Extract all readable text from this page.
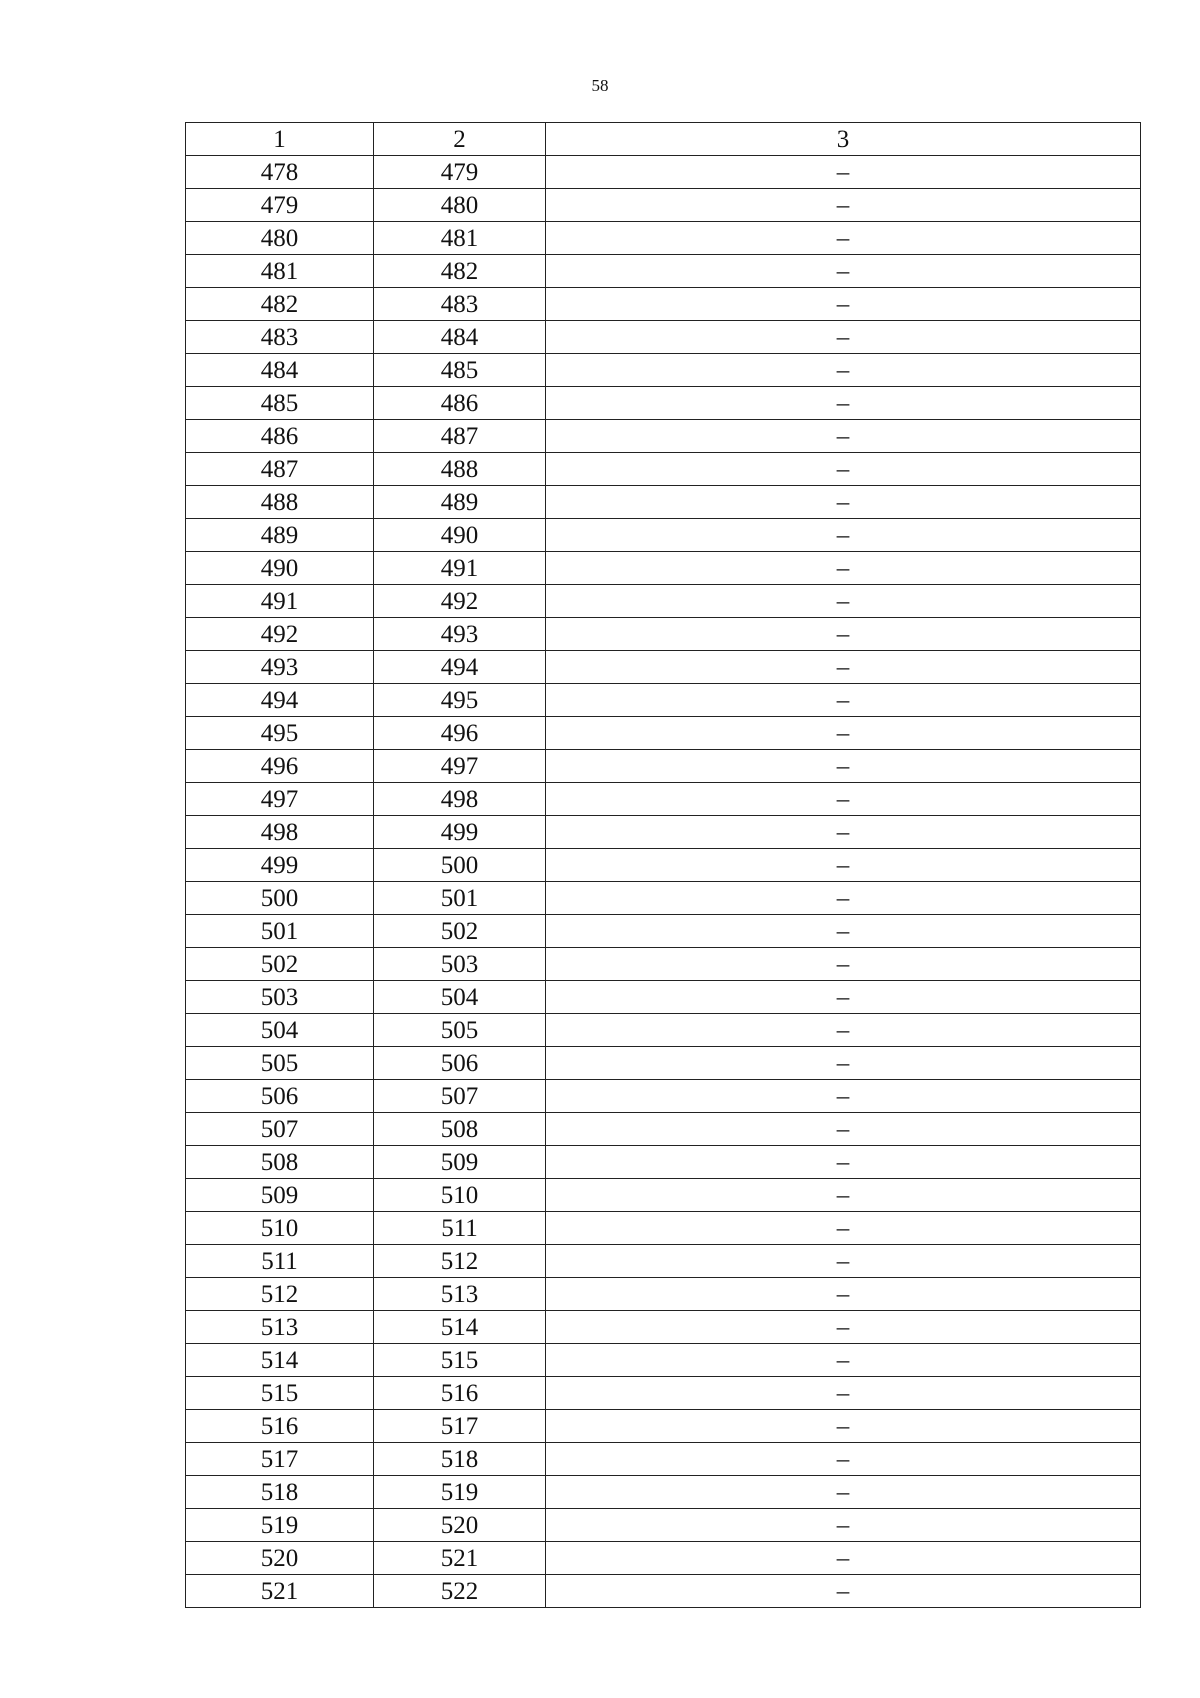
58
1	2	3
478	479	–
479	480	–
480	481	–
481	482	–
482	483	–
483	484	–
484	485	–
485	486	–
486	487	–
487	488	–
488	489	–
489	490	–
490	491	–
491	492	–
492	493	–
493	494	–
494	495	–
495	496	–
496	497	–
497	498	–
498	499	–
499	500	–
500	501	–
501	502	–
502	503	–
503	504	–
504	505	–
505	506	–
506	507	–
507	508	–
508	509	–
509	510	–
510	511	–
511	512	–
512	513	–
513	514	–
514	515	–
515	516	–
516	517	–
517	518	–
518	519	–
519	520	–
520	521	–
521	522	–
